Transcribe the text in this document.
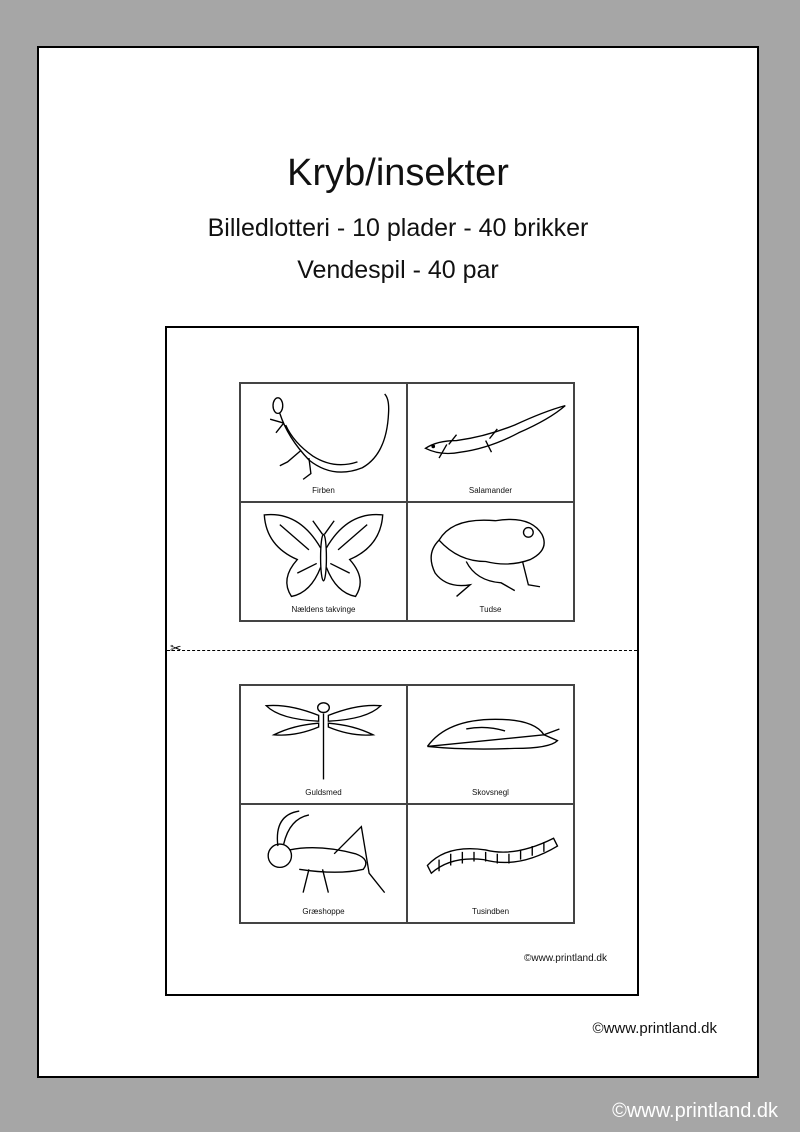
Kryb/insekter
Billedlotteri - 10 plader - 40 brikker
Vendespil - 40 par
Firben	Salamander
Nældens takvinge	Tudse
✂
Guldsmed	Skovsnegl
Græshoppe	Tusindben
©www.printland.dk
©www.printland.dk
©www.printland.dk
